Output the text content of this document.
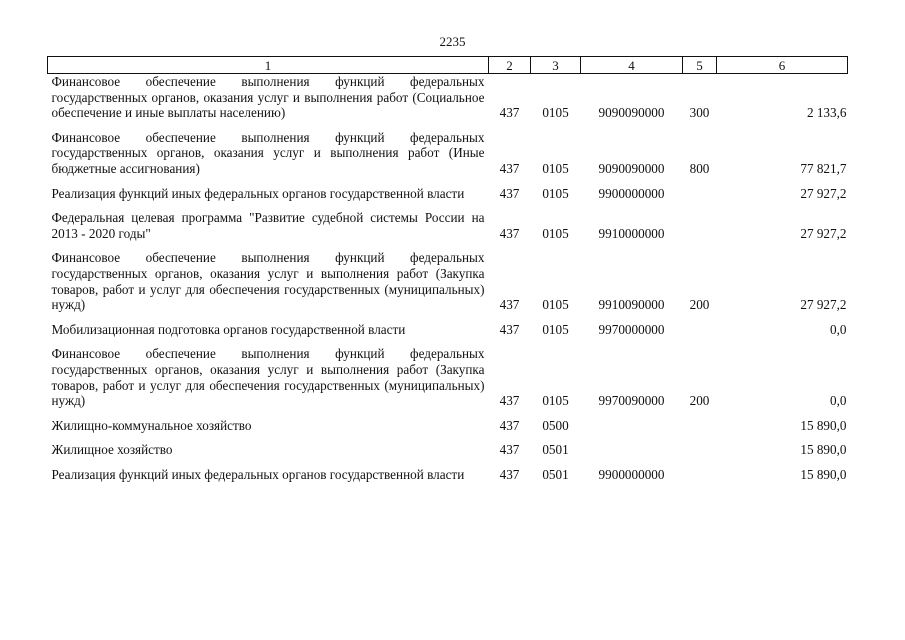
2235
1	2	3	4	5	6
Финансовое обеспечение выполнения функций федеральных государственных органов, оказания услуг и выполнения работ (Социальное обеспечение и иные выплаты населению)	437	0105	9090090000	300	2 133,6
Финансовое обеспечение выполнения функций федеральных государственных органов, оказания услуг и выполнения работ (Иные бюджетные ассигнования)	437	0105	9090090000	800	77 821,7
Реализация функций иных федеральных органов государственной власти	437	0105	9900000000		27 927,2
Федеральная целевая программа "Развитие судебной системы России на 2013 - 2020 годы"	437	0105	9910000000		27 927,2
Финансовое обеспечение выполнения функций федеральных государственных органов, оказания услуг и выполнения работ (Закупка товаров, работ и услуг для обеспечения государственных (муниципальных) нужд)	437	0105	9910090000	200	27 927,2
Мобилизационная подготовка органов государственной власти	437	0105	9970000000		0,0
Финансовое обеспечение выполнения функций федеральных государственных органов, оказания услуг и выполнения работ (Закупка товаров, работ и услуг для обеспечения государственных (муниципальных) нужд)	437	0105	9970090000	200	0,0
Жилищно-коммунальное хозяйство	437	0500			15 890,0
Жилищное хозяйство	437	0501			15 890,0
Реализация функций иных федеральных органов государственной власти	437	0501	9900000000		15 890,0
